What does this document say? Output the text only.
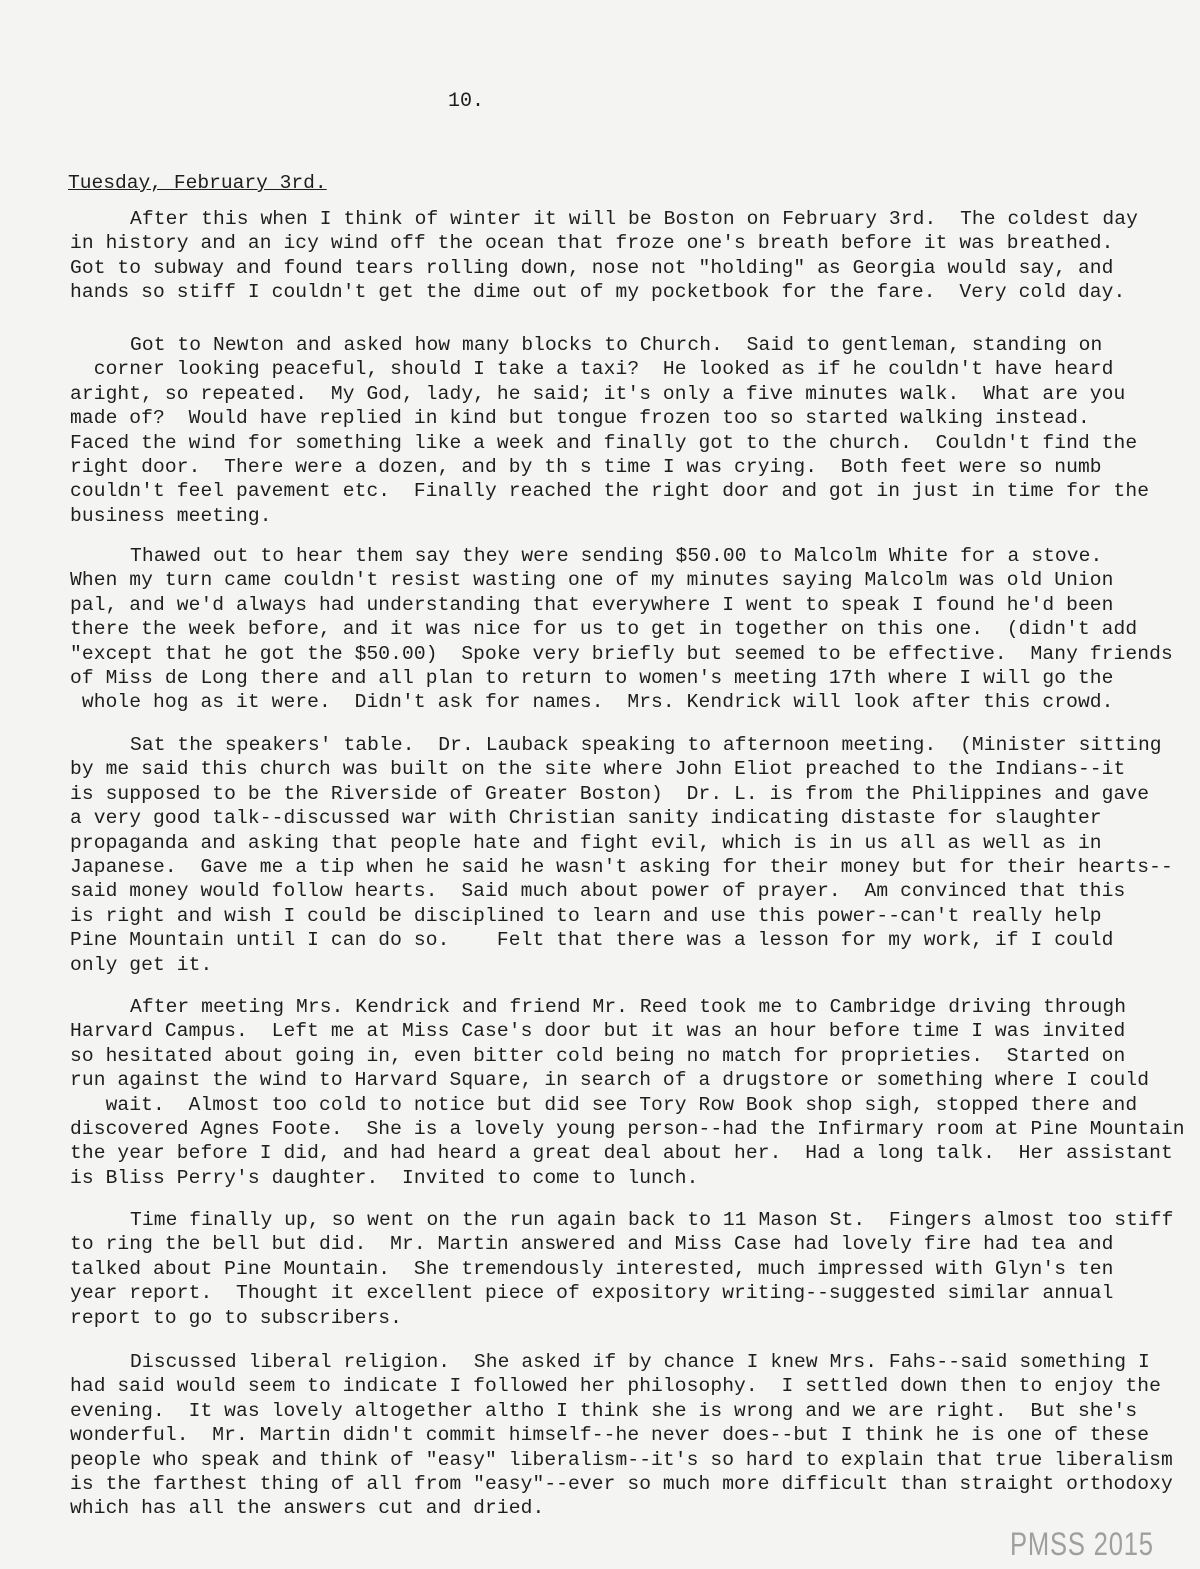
10.
Tuesday, February 3rd.
After this when I think of winter it will be Boston on February 3rd.  The coldest day
in history and an icy wind off the ocean that froze one's breath before it was breathed.
Got to subway and found tears rolling down, nose not "holding" as Georgia would say, and
hands so stiff I couldn't get the dime out of my pocketbook for the fare.  Very cold day.
Got to Newton and asked how many blocks to Church.  Said to gentleman, standing on
corner looking peaceful, should I take a taxi?  He looked as if he couldn't have heard
aright, so repeated.  My God, lady, he said; it's only a five minutes walk.  What are you
made of?  Would have replied in kind but tongue frozen too so started walking instead.
Faced the wind for something like a week and finally got to the church.  Couldn't find the
right door.  There were a dozen, and by th s time I was crying.  Both feet were so numb
couldn't feel pavement etc.  Finally reached the right door and got in just in time for the
business meeting.
Thawed out to hear them say they were sending $50.00 to Malcolm White for a stove.
When my turn came couldn't resist wasting one of my minutes saying Malcolm was old Union
pal, and we'd always had understanding that everywhere I went to speak I found he'd been
there the week before, and it was nice for us to get in together on this one.  (didn't add
"except that he got the $50.00)  Spoke very briefly but seemed to be effective.  Many friends
of Miss de Long there and all plan to return to women's meeting 17th where I will go the
whole hog as it were.  Didn't ask for names.  Mrs. Kendrick will look after this crowd.
Sat the speakers' table.  Dr. Lauback speaking to afternoon meeting.  (Minister sitting
by me said this church was built on the site where John Eliot preached to the Indians--it
is supposed to be the Riverside of Greater Boston)  Dr. L. is from the Philippines and gave
a very good talk--discussed war with Christian sanity indicating distaste for slaughter
propaganda and asking that people hate and fight evil, which is in us all as well as in
Japanese.  Gave me a tip when he said he wasn't asking for their money but for their hearts--
said money would follow hearts.  Said much about power of prayer.  Am convinced that this
is right and wish I could be disciplined to learn and use this power--can't really help
Pine Mountain until I can do so.    Felt that there was a lesson for my work, if I could
only get it.
After meeting Mrs. Kendrick and friend Mr. Reed took me to Cambridge driving through
Harvard Campus.  Left me at Miss Case's door but it was an hour before time I was invited
so hesitated about going in, even bitter cold being no match for proprieties.  Started on
run against the wind to Harvard Square, in search of a drugstore or something where I could
wait.  Almost too cold to notice but did see Tory Row Book shop sigh, stopped there and
discovered Agnes Foote.  She is a lovely young person--had the Infirmary room at Pine Mountain
the year before I did, and had heard a great deal about her.  Had a long talk.  Her assistant
is Bliss Perry's daughter.  Invited to come to lunch.
Time finally up, so went on the run again back to 11 Mason St.  Fingers almost too stiff
to ring the bell but did.  Mr. Martin answered and Miss Case had lovely fire had tea and
talked about Pine Mountain.  She tremendously interested, much impressed with Glyn's ten
year report.  Thought it excellent piece of expository writing--suggested similar annual
report to go to subscribers.
Discussed liberal religion.  She asked if by chance I knew Mrs. Fahs--said something I
had said would seem to indicate I followed her philosophy.  I settled down then to enjoy the
evening.  It was lovely altogether altho I think she is wrong and we are right.  But she's
wonderful.  Mr. Martin didn't commit himself--he never does--but I think he is one of these
people who speak and think of "easy" liberalism--it's so hard to explain that true liberalism
is the farthest thing of all from "easy"--ever so much more difficult than straight orthodoxy
which has all the answers cut and dried.
PMSS 2015
